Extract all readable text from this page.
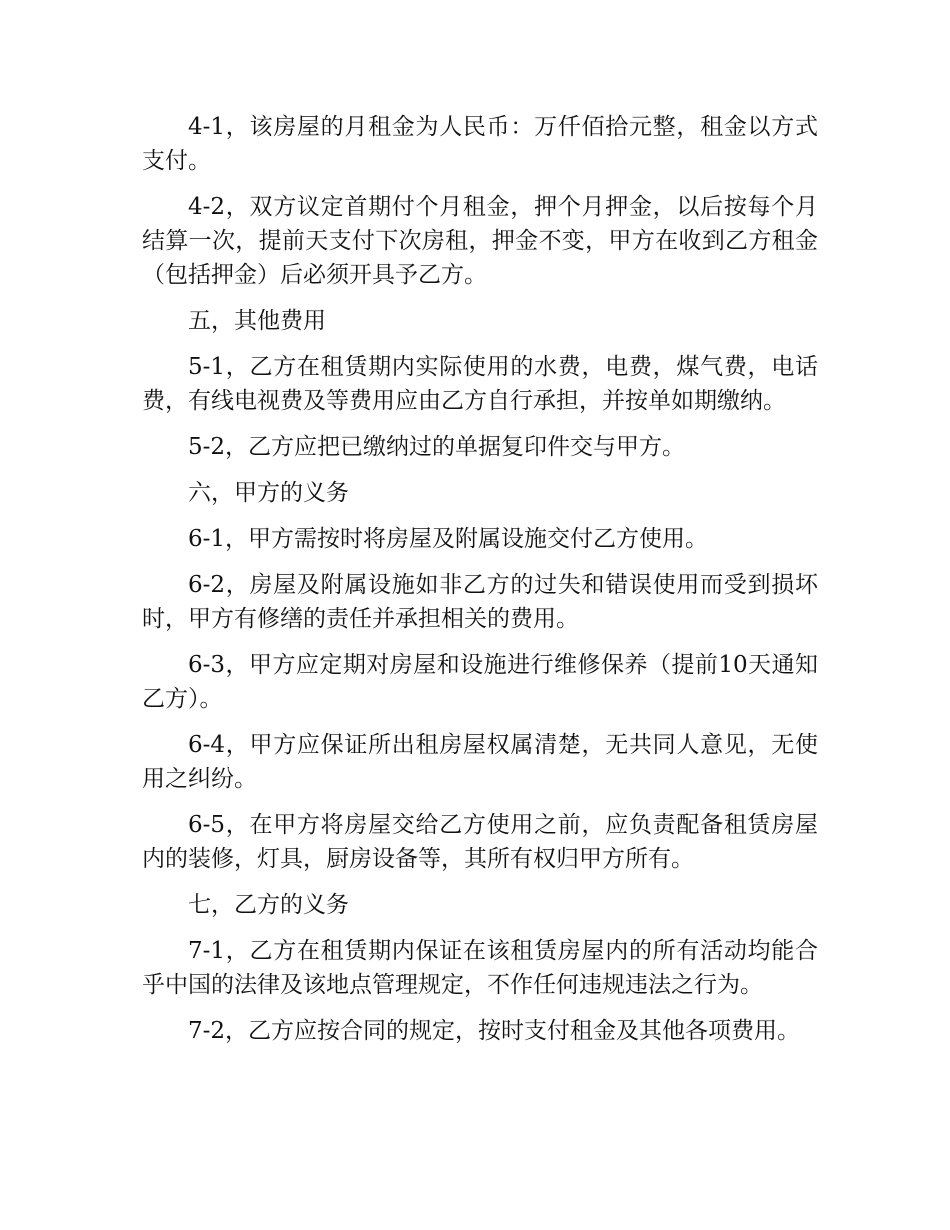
4-1，该房屋的月租金为人民币：万仟佰拾元整，租金以方式支付。

4-2，双方议定首期付个月租金，押个月押金，以后按每个月结算一次，提前天支付下次房租，押金不变，甲方在收到乙方租金（包括押金）后必须开具予乙方。

五，其他费用

5-1，乙方在租赁期内实际使用的水费，电费，煤气费，电话费，有线电视费及等费用应由乙方自行承担，并按单如期缴纳。

5-2，乙方应把已缴纳过的单据复印件交与甲方。

六，甲方的义务

6-1，甲方需按时将房屋及附属设施交付乙方使用。

6-2，房屋及附属设施如非乙方的过失和错误使用而受到损坏时，甲方有修缮的责任并承担相关的费用。

6-3，甲方应定期对房屋和设施进行维修保养（提前10天通知乙方）。

6-4，甲方应保证所出租房屋权属清楚，无共同人意见，无使用之纠纷。

6-5，在甲方将房屋交给乙方使用之前，应负责配备租赁房屋内的装修，灯具，厨房设备等，其所有权归甲方所有。

七，乙方的义务

7-1，乙方在租赁期内保证在该租赁房屋内的所有活动均能合乎中国的法律及该地点管理规定，不作任何违规违法之行为。

7-2，乙方应按合同的规定，按时支付租金及其他各项费用。
